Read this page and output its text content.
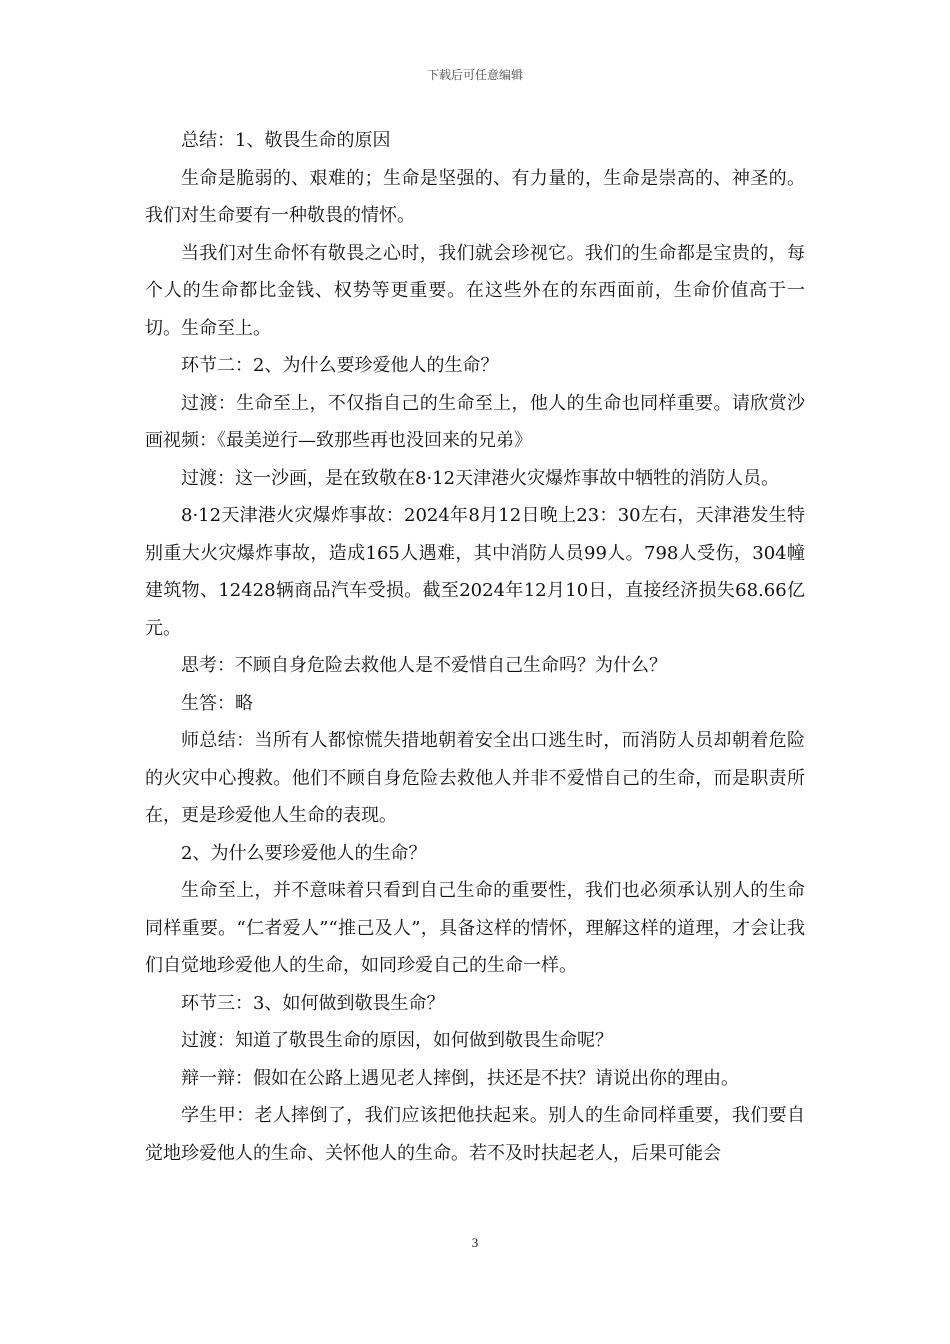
下载后可任意编辑

总结：1、敬畏生命的原因

生命是脆弱的、艰难的；生命是坚强的、有力量的，生命是崇高的、神圣的。我们对生命要有一种敬畏的情怀。

当我们对生命怀有敬畏之心时，我们就会珍视它。我们的生命都是宝贵的，每个人的生命都比金钱、权势等更重要。在这些外在的东西面前，生命价值高于一切。生命至上。

环节二：2、为什么要珍爱他人的生命？

过渡：生命至上，不仅指自己的生命至上，他人的生命也同样重要。请欣赏沙画视频：《最美逆行—致那些再也没回来的兄弟》

过渡：这一沙画，是在致敬在8·12天津港火灾爆炸事故中牺牲的消防人员。

8·12天津港火灾爆炸事故：2024年8月12日晚上23：30左右，天津港发生特别重大火灾爆炸事故，造成165人遇难，其中消防人员99人。798人受伤，304幢建筑物、12428辆商品汽车受损。截至2024年12月10日，直接经济损失68.66亿元。

思考：不顾自身危险去救他人是不爱惜自己生命吗？为什么？

生答：略

师总结：当所有人都惊慌失措地朝着安全出口逃生时，而消防人员却朝着危险的火灾中心搜救。他们不顾自身危险去救他人并非不爱惜自己的生命，而是职责所在，更是珍爱他人生命的表现。

2、为什么要珍爱他人的生命？

生命至上，并不意味着只看到自己生命的重要性，我们也必须承认别人的生命同样重要。“仁者爱人”“推己及人”，具备这样的情怀，理解这样的道理，才会让我们自觉地珍爱他人的生命，如同珍爱自己的生命一样。

环节三：3、如何做到敬畏生命？

过渡：知道了敬畏生命的原因，如何做到敬畏生命呢？

辩一辩：假如在公路上遇见老人摔倒，扶还是不扶？请说出你的理由。

学生甲：老人摔倒了，我们应该把他扶起来。别人的生命同样重要，我们要自觉地珍爱他人的生命、关怀他人的生命。若不及时扶起老人，后果可能会

3
